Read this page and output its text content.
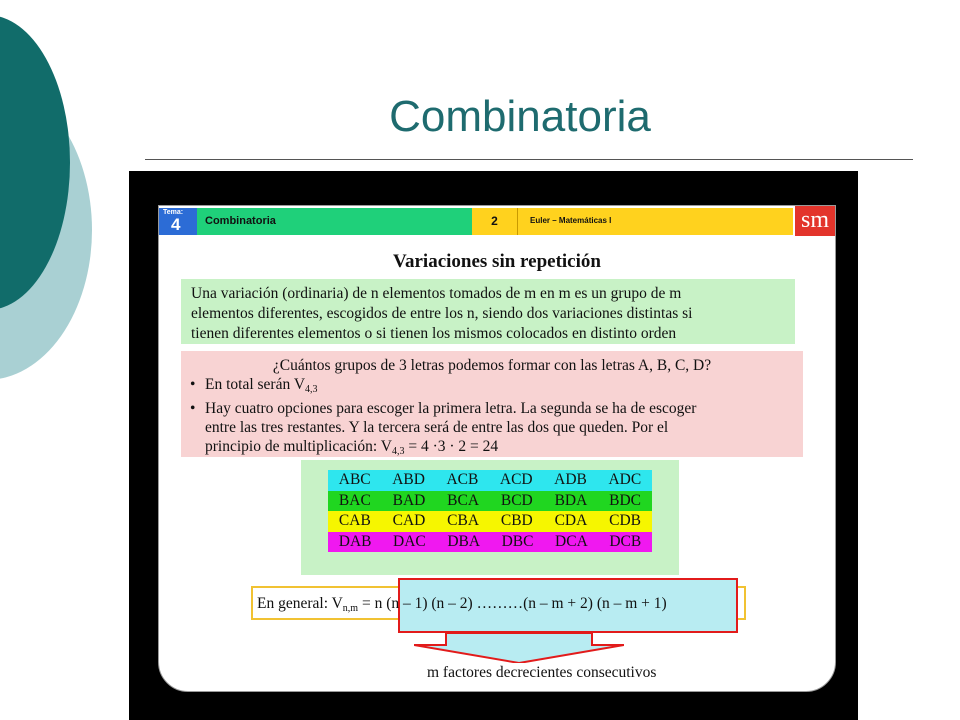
Combinatoria
Tema:
4 Combinatoria	2	Euler – Matemáticas I	sm
Variaciones sin repetición
Una variación (ordinaria) de n elementos tomados de m en m es un grupo de m
elementos diferentes, escogidos de entre los n, siendo dos variaciones distintas si
tienen diferentes elementos o si tienen los mismos colocados en distinto orden
¿Cuántos grupos de 3 letras podemos formar con las letras A, B, C, D?
• En total serán $V_{4,3}$
• Hay cuatro opciones para escoger la primera letra. La segunda se ha de escoger
entre las tres restantes. Y la tercera será de entre las dos que queden. Por el
principio de multiplicación: $V_{4,3} = 4 \cdot 3 \cdot 2 = 24$
ABC ABD ACB ACD ADB ADC
BAC BAD BCA BCD BDA BDC
CAB CAD CBA CBD CDA CDB
DAB DAC DBA DBC DCA DCB
En general: $V_{n,m} = n$ (n – 1) (n – 2) ………(n – m + 2) (n – m + 1)
m factores decrecientes consecutivos
